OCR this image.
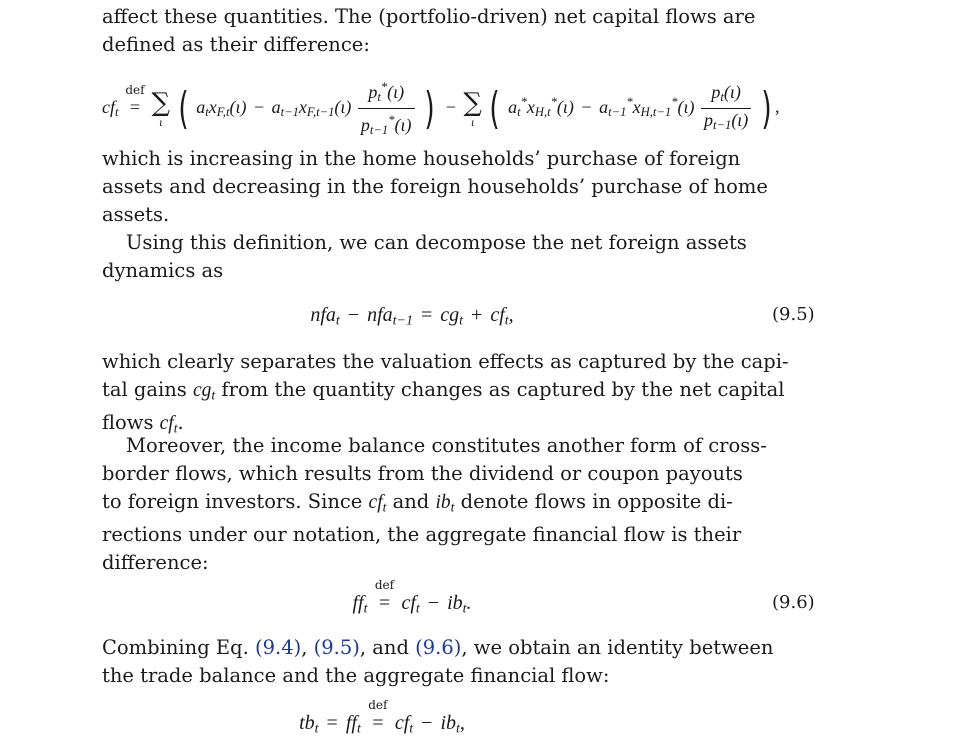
affect these quantities. The (portfolio-driven) net capital flows are
defined as their difference:

$cf_t$
def
= ∑
ι ( $a_tx_{F,t}(\iota) - a_{t-1}x_{F,t-1}(\iota) \frac{p_t^*(\iota)}{p_{t-1}^*(\iota)}$ ) − ∑
ι ( $a_t^*x_{H,t}^*(\iota) - a_{t-1}^*x_{H,t-1}^*(\iota) \frac{p_t(\iota)}{p_{t-1}(\iota)}$ ) ,

which is increasing in the home households’ purchase of foreign
assets and decreasing in the foreign households’ purchase of home
assets.

Using this definition, we can decompose the net foreign assets
dynamics as

$nfa_t - nfa_{t-1} = cg_t + cf_t$,	(9.5)

which clearly separates the valuation effects as captured by the capi-
tal gains $cg_t$ from the quantity changes as captured by the net capital
flows $cf_t$.

Moreover, the income balance constitutes another form of cross-
border flows, which results from the dividend or coupon payouts
to foreign investors. Since $cf_t$ and $ib_t$ denote flows in opposite di-
rections under our notation, the aggregate financial flow is their
difference:

$ff_t$
def
= $cf_t - ib_t$.	(9.6)

Combining Eq. (9.4), (9.5), and (9.6), we obtain an identity between
the trade balance and the aggregate financial flow:

$tb_t = ff_t$
def
= $cf_t - ib_t$,
